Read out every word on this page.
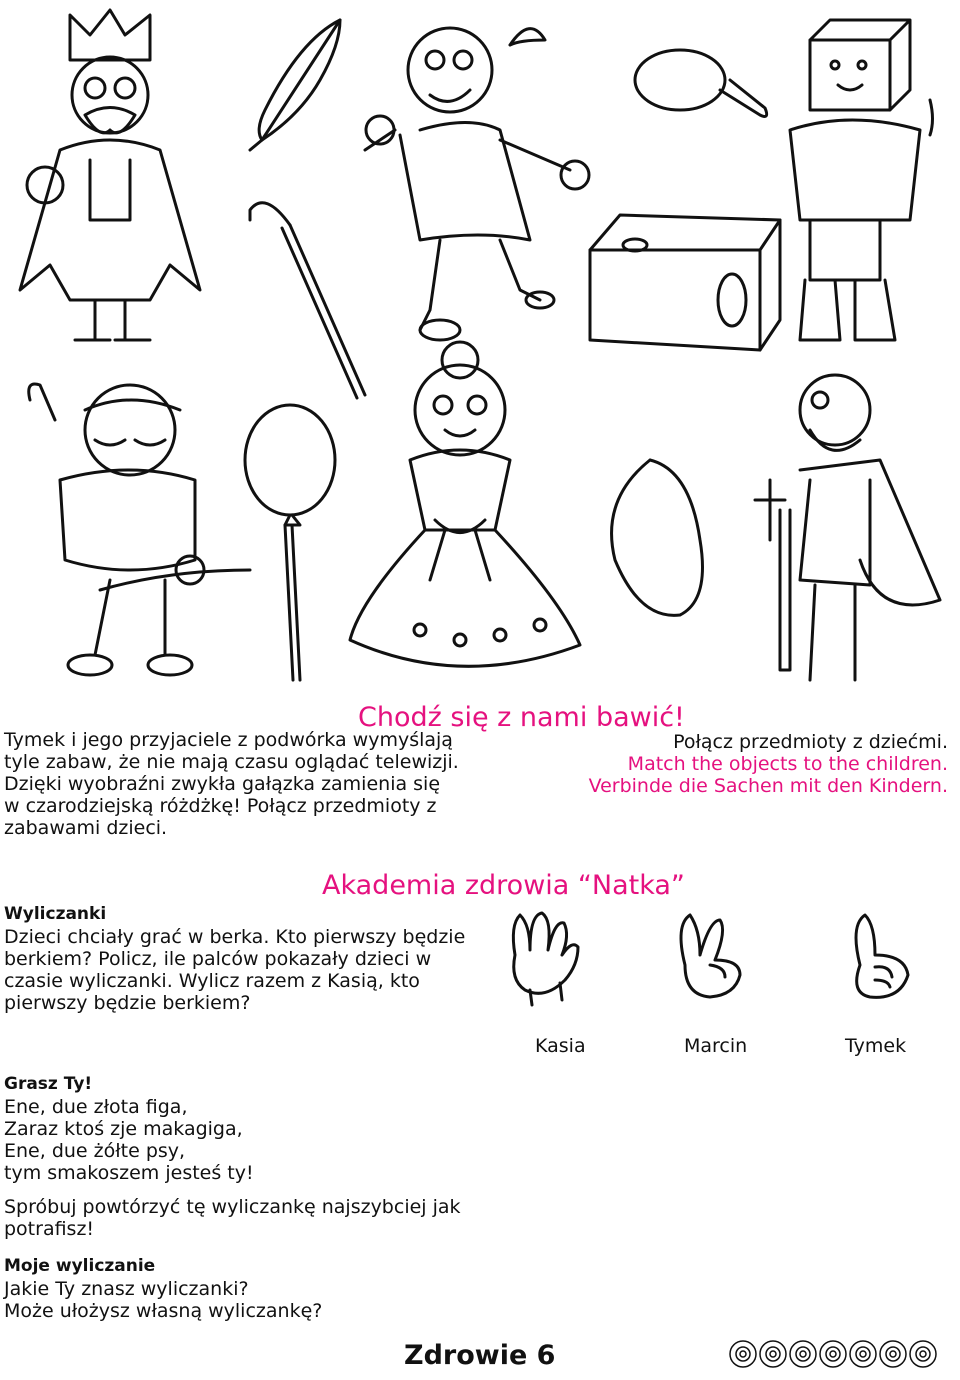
Chodź się z nami bawić!
Tymek i jego przyjaciele z podwórka wymyślają
tyle zabaw, że nie mają czasu oglądać telewizji.
Dzięki wyobraźni zwykła gałązka zamienia się
w czarodziejską różdżkę! Połącz przedmioty z
zabawami dzieci.
Połącz przedmioty z dziećmi.
Match the objects to the children.
Verbinde die Sachen mit den Kindern.
Akademia zdrowia “Natka”
Wyliczanki
Dzieci chciały grać w berka. Kto pierwszy będzie
berkiem? Policz, ile palców pokazały dzieci w
czasie wyliczanki. Wylicz razem z Kasią, kto
pierwszy będzie berkiem?
Kasia	Marcin	Tymek
Grasz Ty!
Ene, due złota figa,
Zaraz ktoś zje makagiga,
Ene, due żółte psy,
tym smakoszem jesteś ty!
Spróbuj powtórzyć tę wyliczankę najszybciej jak
potrafisz!
Moje wyliczanie
Jakie Ty znasz wyliczanki?
Może ułożysz własną wyliczankę?
Zdrowie 6
